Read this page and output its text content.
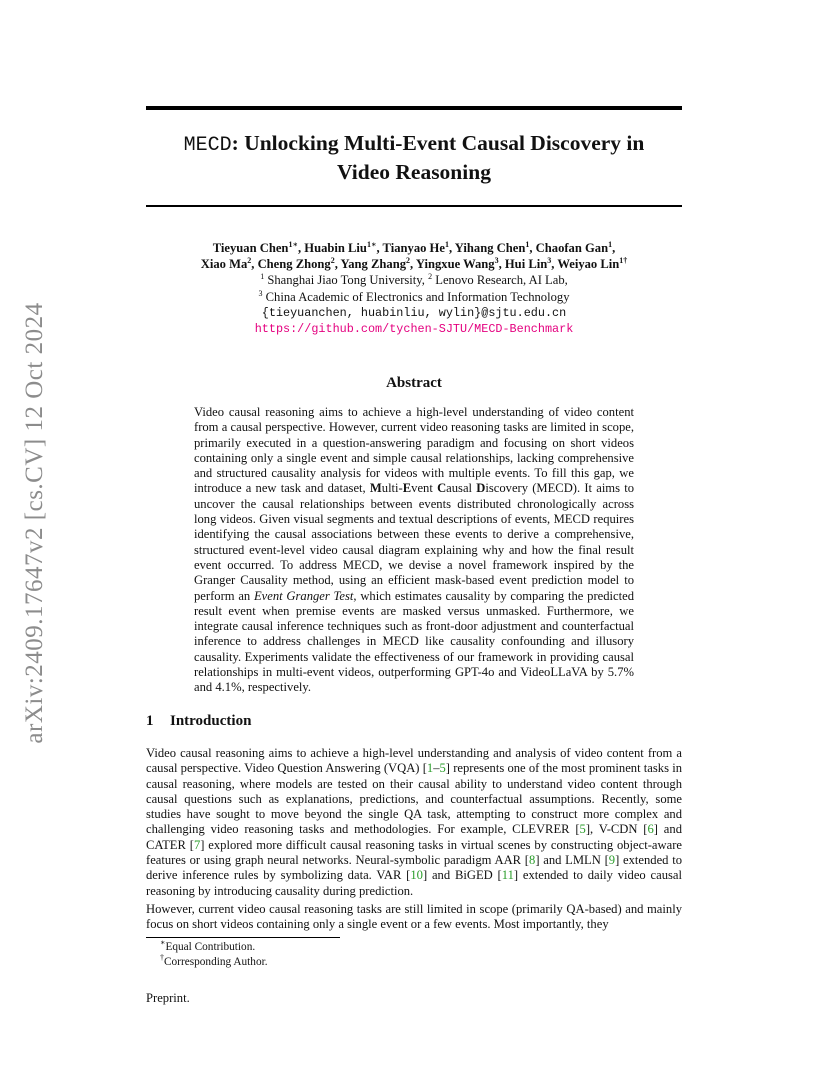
arXiv:2409.17647v2 [cs.CV] 12 Oct 2024
MECD: Unlocking Multi-Event Causal Discovery in
Video Reasoning
Tieyuan Chen$^{1∗}$, Huabin Liu$^{1∗}$, Tianyao He$^1$, Yihang Chen$^1$, Chaofan Gan$^1$,
Xiao Ma$^2$, Cheng Zhong$^2$, Yang Zhang$^2$, Yingxue Wang$^3$, Hui Lin$^3$, Weiyao Lin$^{1\dagger}$
$^1$ Shanghai Jiao Tong University, $^2$ Lenovo Research, AI Lab,
$^3$ China Academic of Electronics and Information Technology
{tieyuanchen, huabinliu, wylin}@sjtu.edu.cn
https://github.com/tychen-SJTU/MECD-Benchmark
Abstract
Video causal reasoning aims to achieve a high-level understanding of video content from a causal perspective. However, current video reasoning tasks are limited in scope, primarily executed in a question-answering paradigm and focusing on short videos containing only a single event and simple causal relationships, lacking comprehensive and structured causality analysis for videos with multiple events. To fill this gap, we introduce a new task and dataset, Multi-Event Causal Discovery (MECD). It aims to uncover the causal relationships between events distributed chronologically across long videos. Given visual segments and textual descriptions of events, MECD requires identifying the causal associations between these events to derive a comprehensive, structured event-level video causal diagram explaining why and how the final result event occurred. To address MECD, we devise a novel framework inspired by the Granger Causality method, using an efficient mask-based event prediction model to perform an Event Granger Test, which estimates causality by comparing the predicted result event when premise events are masked versus unmasked. Furthermore, we integrate causal inference techniques such as front-door adjustment and counterfactual inference to address challenges in MECD like causality confounding and illusory causality. Experiments validate the effectiveness of our framework in providing causal relationships in multi-event videos, outperforming GPT-4o and VideoLLaVA by 5.7% and 4.1%, respectively.
1 Introduction

Video causal reasoning aims to achieve a high-level understanding and analysis of video content from a causal perspective. Video Question Answering (VQA) [1–5] represents one of the most prominent tasks in causal reasoning, where models are tested on their causal ability to understand video content through causal questions such as explanations, predictions, and counterfactual assumptions. Recently, some studies have sought to move beyond the single QA task, attempting to construct more complex and challenging video reasoning tasks and methodologies. For example, CLEVRER [5], V-CDN [6] and CATER [7] explored more difficult causal reasoning tasks in virtual scenes by constructing object-aware features or using graph neural networks. Neural-symbolic paradigm AAR [8] and LMLN [9] extended to derive inference rules by symbolizing data. VAR [10] and BiGED [11] extended to daily video causal reasoning by introducing causality during prediction.

However, current video causal reasoning tasks are still limited in scope (primarily QA-based) and mainly focus on short videos containing only a single event or a few events. Most importantly, they

∗Equal Contribution.
†Corresponding Author.
Preprint.
